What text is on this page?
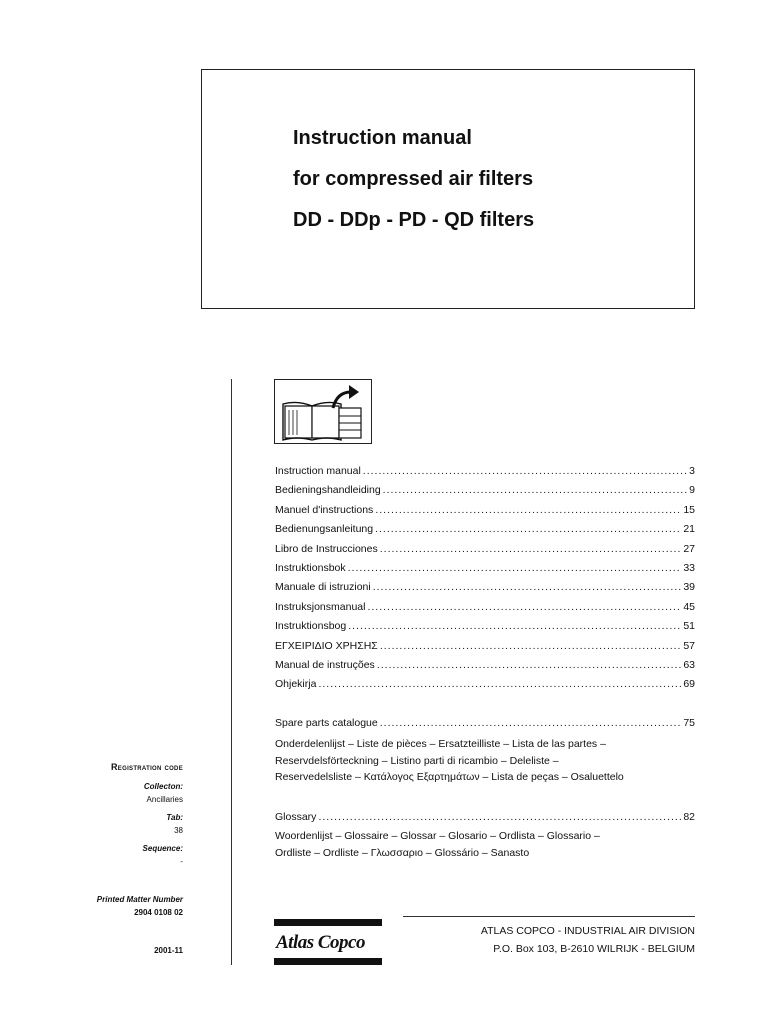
Instruction manual
for compressed air filters
DD - DDp - PD - QD filters
Instruction manual .....	3
Bedieningshandleiding .....	9
Manuel d'instructions .....	15
Bedienungsanleitung .....	21
Libro de Instrucciones .....	27
Instruktionsbok .....	33
Manuale di istruzioni .....	39
Instruksjonsmanual .....	45
Instruktionsbog .....	51
ΕΓΧΕΙΡΙΔΙΟ ΧΡΗΣΗΣ .....	57
Manual de instruções .....	63
Ohjekirja .....	69
Spare parts catalogue .....	75
Onderdelenlijst – Liste de pièces – Ersatzteilliste – Lista de las partes –
Reservdelsförteckning – Listino parti di ricambio – Deleliste –
Reservedelsliste – Κατάλογος Εξαρτημάτων – Lista de peças – Osaluettelo
Glossary .....	82
Woordenlijst – Glossaire – Glossar – Glosario – Ordlista – Glossario –
Ordliste – Ordliste – Γλωσσαριο – Glossário – Sanasto
Registration code
Collecton:
Ancillaries
Tab:
38
Sequence:
-
Printed Matter Number
2904 0108 02
2001-11	Atlas Copco
ATLAS COPCO - INDUSTRIAL AIR DIVISION
P.O. Box 103, B-2610 WILRIJK - BELGIUM
